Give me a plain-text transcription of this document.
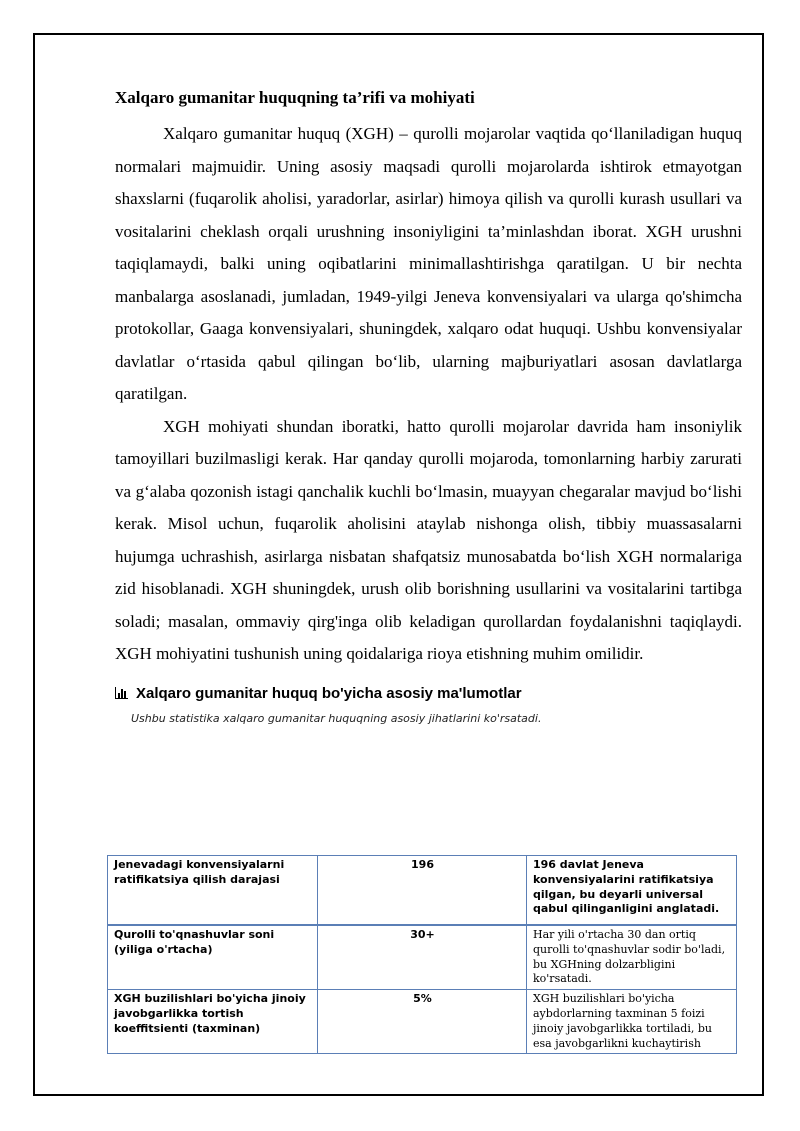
Xalqaro gumanitar huquqning ta’rifi va mohiyati

Xalqaro gumanitar huquq (XGH) – qurolli mojarolar vaqtida qo‘llaniladigan huquq normalari majmuidir. Uning asosiy maqsadi qurolli mojarolarda ishtirok etmayotgan shaxslarni (fuqarolik aholisi, yaradorlar, asirlar) himoya qilish va qurolli kurash usullari va vositalarini cheklash orqali urushning insoniyligini ta’minlashdan iborat. XGH urushni taqiqlamaydi, balki uning oqibatlarini minimallashtirishga qaratilgan. U bir nechta manbalarga asoslanadi, jumladan, 1949-yilgi Jeneva konvensiyalari va ularga qo'shimcha protokollar, Gaaga konvensiyalari, shuningdek, xalqaro odat huquqi. Ushbu konvensiyalar davlatlar o‘rtasida qabul qilingan bo‘lib, ularning majburiyatlari asosan davlatlarga qaratilgan.

XGH mohiyati shundan iboratki, hatto qurolli mojarolar davrida ham insoniylik tamoyillari buzilmasligi kerak. Har qanday qurolli mojaroda, tomonlarning harbiy zarurati va g‘alaba qozonish istagi qanchalik kuchli bo‘lmasin, muayyan chegaralar mavjud bo‘lishi kerak. Misol uchun, fuqarolik aholisini ataylab nishonga olish, tibbiy muassasalarni hujumga uchrashish, asirlarga nisbatan shafqatsiz munosabatda bo‘lish XGH normalariga zid hisoblanadi. XGH shuningdek, urush olib borishning usullarini va vositalarini tartibga soladi; masalan, ommaviy qirg'inga olib keladigan qurollardan foydalanishni taqiqlaydi. XGH mohiyatini tushunish uning qoidalariga rioya etishning muhim omilidir.

Xalqaro gumanitar huquq bo'yicha asosiy ma'lumotlar
Ushbu statistika xalqaro gumanitar huquqning asosiy jihatlarini ko'rsatadi.
Jenevadagi konvensiyalarni ratifikatsiya qilish darajasi	196	196 davlat Jeneva konvensiyalarini ratifikatsiya qilgan, bu deyarli universal qabul qilinganligini anglatadi.
Qurolli to'qnashuvlar soni (yiliga o'rtacha)	30+	Har yili o'rtacha 30 dan ortiq qurolli to'qnashuvlar sodir bo'ladi, bu XGHning dolzarbligini ko'rsatadi.
XGH buzilishlari bo'yicha jinoiy javobgarlikka tortish koeffitsienti (taxminan)	5%	XGH buzilishlari bo'yicha aybdorlarning taxminan 5 foizi jinoiy javobgarlikka tortiladi, bu esa javobgarlikni kuchaytirish
